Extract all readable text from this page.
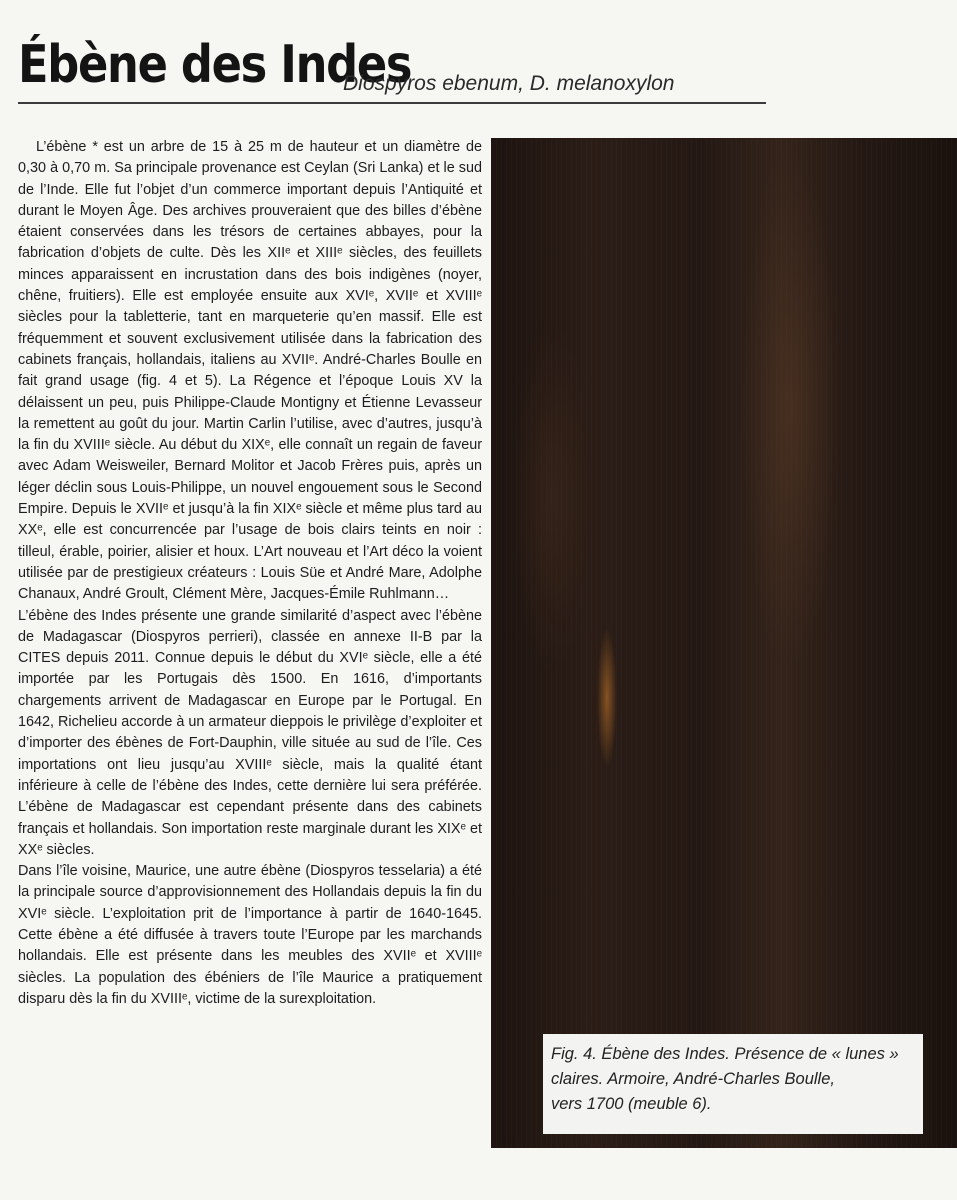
Ébène des Indes
Diospyros ebenum, D. melanoxylon

L’ébène * est un arbre de 15 à 25 m de hauteur et un diamètre de 0,30 à 0,70 m. Sa principale provenance est Ceylan (Sri Lanka) et le sud de l’Inde. Elle fut l’objet d’un commerce important depuis l’Antiquité et durant le Moyen Âge. Des archives prouveraient que des billes d’ébène étaient conservées dans les trésors de certaines abbayes, pour la fabrication d’objets de culte. Dès les XIIᵉ et XIIIᵉ siècles, des feuillets minces apparaissent en incrustation dans des bois indigènes (noyer, chêne, fruitiers). Elle est employée ensuite aux XVIᵉ, XVIIᵉ et XVIIIᵉ siècles pour la tabletterie, tant en marqueterie qu’en massif. Elle est fréquemment et souvent exclusivement utilisée dans la fabrication des cabinets français, hollandais, italiens au XVIIᵉ. André-Charles Boulle en fait grand usage (fig. 4 et 5). La Régence et l’époque Louis XV la délaissent un peu, puis Philippe-Claude Montigny et Étienne Levasseur la remettent au goût du jour. Martin Carlin l’utilise, avec d’autres, jusqu’à la fin du XVIIIᵉ siècle. Au début du XIXᵉ, elle connaît un regain de faveur avec Adam Weisweiler, Bernard Molitor et Jacob Frères puis, après un léger déclin sous Louis-Philippe, un nouvel engouement sous le Second Empire. Depuis le XVIIᵉ et jusqu’à la fin XIXᵉ siècle et même plus tard au XXᵉ, elle est concurrencée par l’usage de bois clairs teints en noir : tilleul, érable, poirier, alisier et houx. L’Art nouveau et l’Art déco la voient utilisée par de prestigieux créateurs : Louis Süe et André Mare, Adolphe Chanaux, André Groult, Clément Mère, Jacques-Émile Ruhlmann…

L’ébène des Indes présente une grande similarité d’aspect avec l’ébène de Madagascar (Diospyros perrieri), classée en annexe II-B par la CITES depuis 2011. Connue depuis le début du XVIᵉ siècle, elle a été importée par les Portugais dès 1500. En 1616, d’importants chargements arrivent de Madagascar en Europe par le Portugal. En 1642, Richelieu accorde à un armateur dieppois le privilège d’exploiter et d’importer des ébènes de Fort-Dauphin, ville située au sud de l’île. Ces importations ont lieu jusqu’au XVIIIᵉ siècle, mais la qualité étant inférieure à celle de l’ébène des Indes, cette dernière lui sera préférée. L’ébène de Madagascar est cependant présente dans des cabinets français et hollandais. Son importation reste marginale durant les XIXᵉ et XXᵉ siècles.

Dans l’île voisine, Maurice, une autre ébène (Diospyros tesselaria) a été la principale source d’approvisionnement des Hollandais depuis la fin du XVIᵉ siècle. L’exploitation prit de l’importance à partir de 1640-1645. Cette ébène a été diffusée à travers toute l’Europe par les marchands hollandais. Elle est présente dans les meubles des XVIIᵉ et XVIIIᵉ siècles. La population des ébéniers de l’île Maurice a pratiquement disparu dès la fin du XVIIIᵉ, victime de la surexploitation.

Fig. 4. Ébène des Indes. Présence de « lunes »
claires. Armoire, André-Charles Boulle,
vers 1700 (meuble 6).
